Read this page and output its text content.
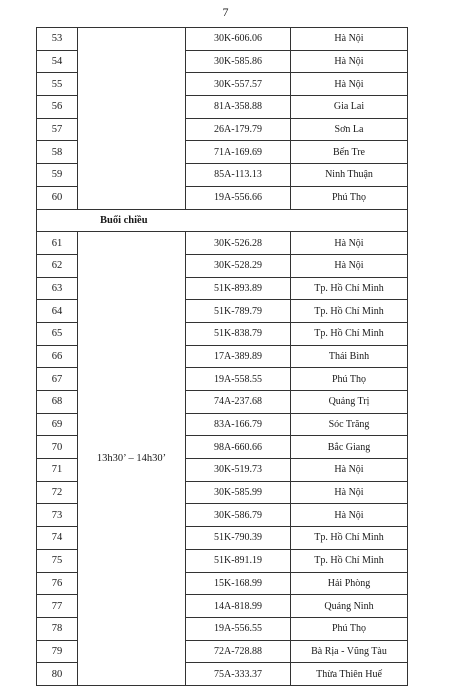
7
53		30K-606.06	Hà Nội
54		30K-585.86	Hà Nội
55		30K-557.57	Hà Nội
56		81A-358.88	Gia Lai
57		26A-179.79	Sơn La
58		71A-169.69	Bến Tre
59		85A-113.13	Ninh Thuận
60		19A-556.66	Phú Thọ
Buổi chiều			
61	13h30’ – 14h30’	30K-526.28	Hà Nội
62		30K-528.29	Hà Nội
63		51K-893.89	Tp. Hồ Chí Minh
64		51K-789.79	Tp. Hồ Chí Minh
65		51K-838.79	Tp. Hồ Chí Minh
66		17A-389.89	Thái Bình
67		19A-558.55	Phú Thọ
68		74A-237.68	Quảng Trị
69		83A-166.79	Sóc Trăng
70		98A-660.66	Bắc Giang
71		30K-519.73	Hà Nội
72		30K-585.99	Hà Nội
73		30K-586.79	Hà Nội
74		51K-790.39	Tp. Hồ Chí Minh
75		51K-891.19	Tp. Hồ Chí Minh
76		15K-168.99	Hải Phòng
77		14A-818.99	Quảng Ninh
78		19A-556.55	Phú Thọ
79		72A-728.88	Bà Rịa - Vũng Tàu
80		75A-333.37	Thừa Thiên Huế
